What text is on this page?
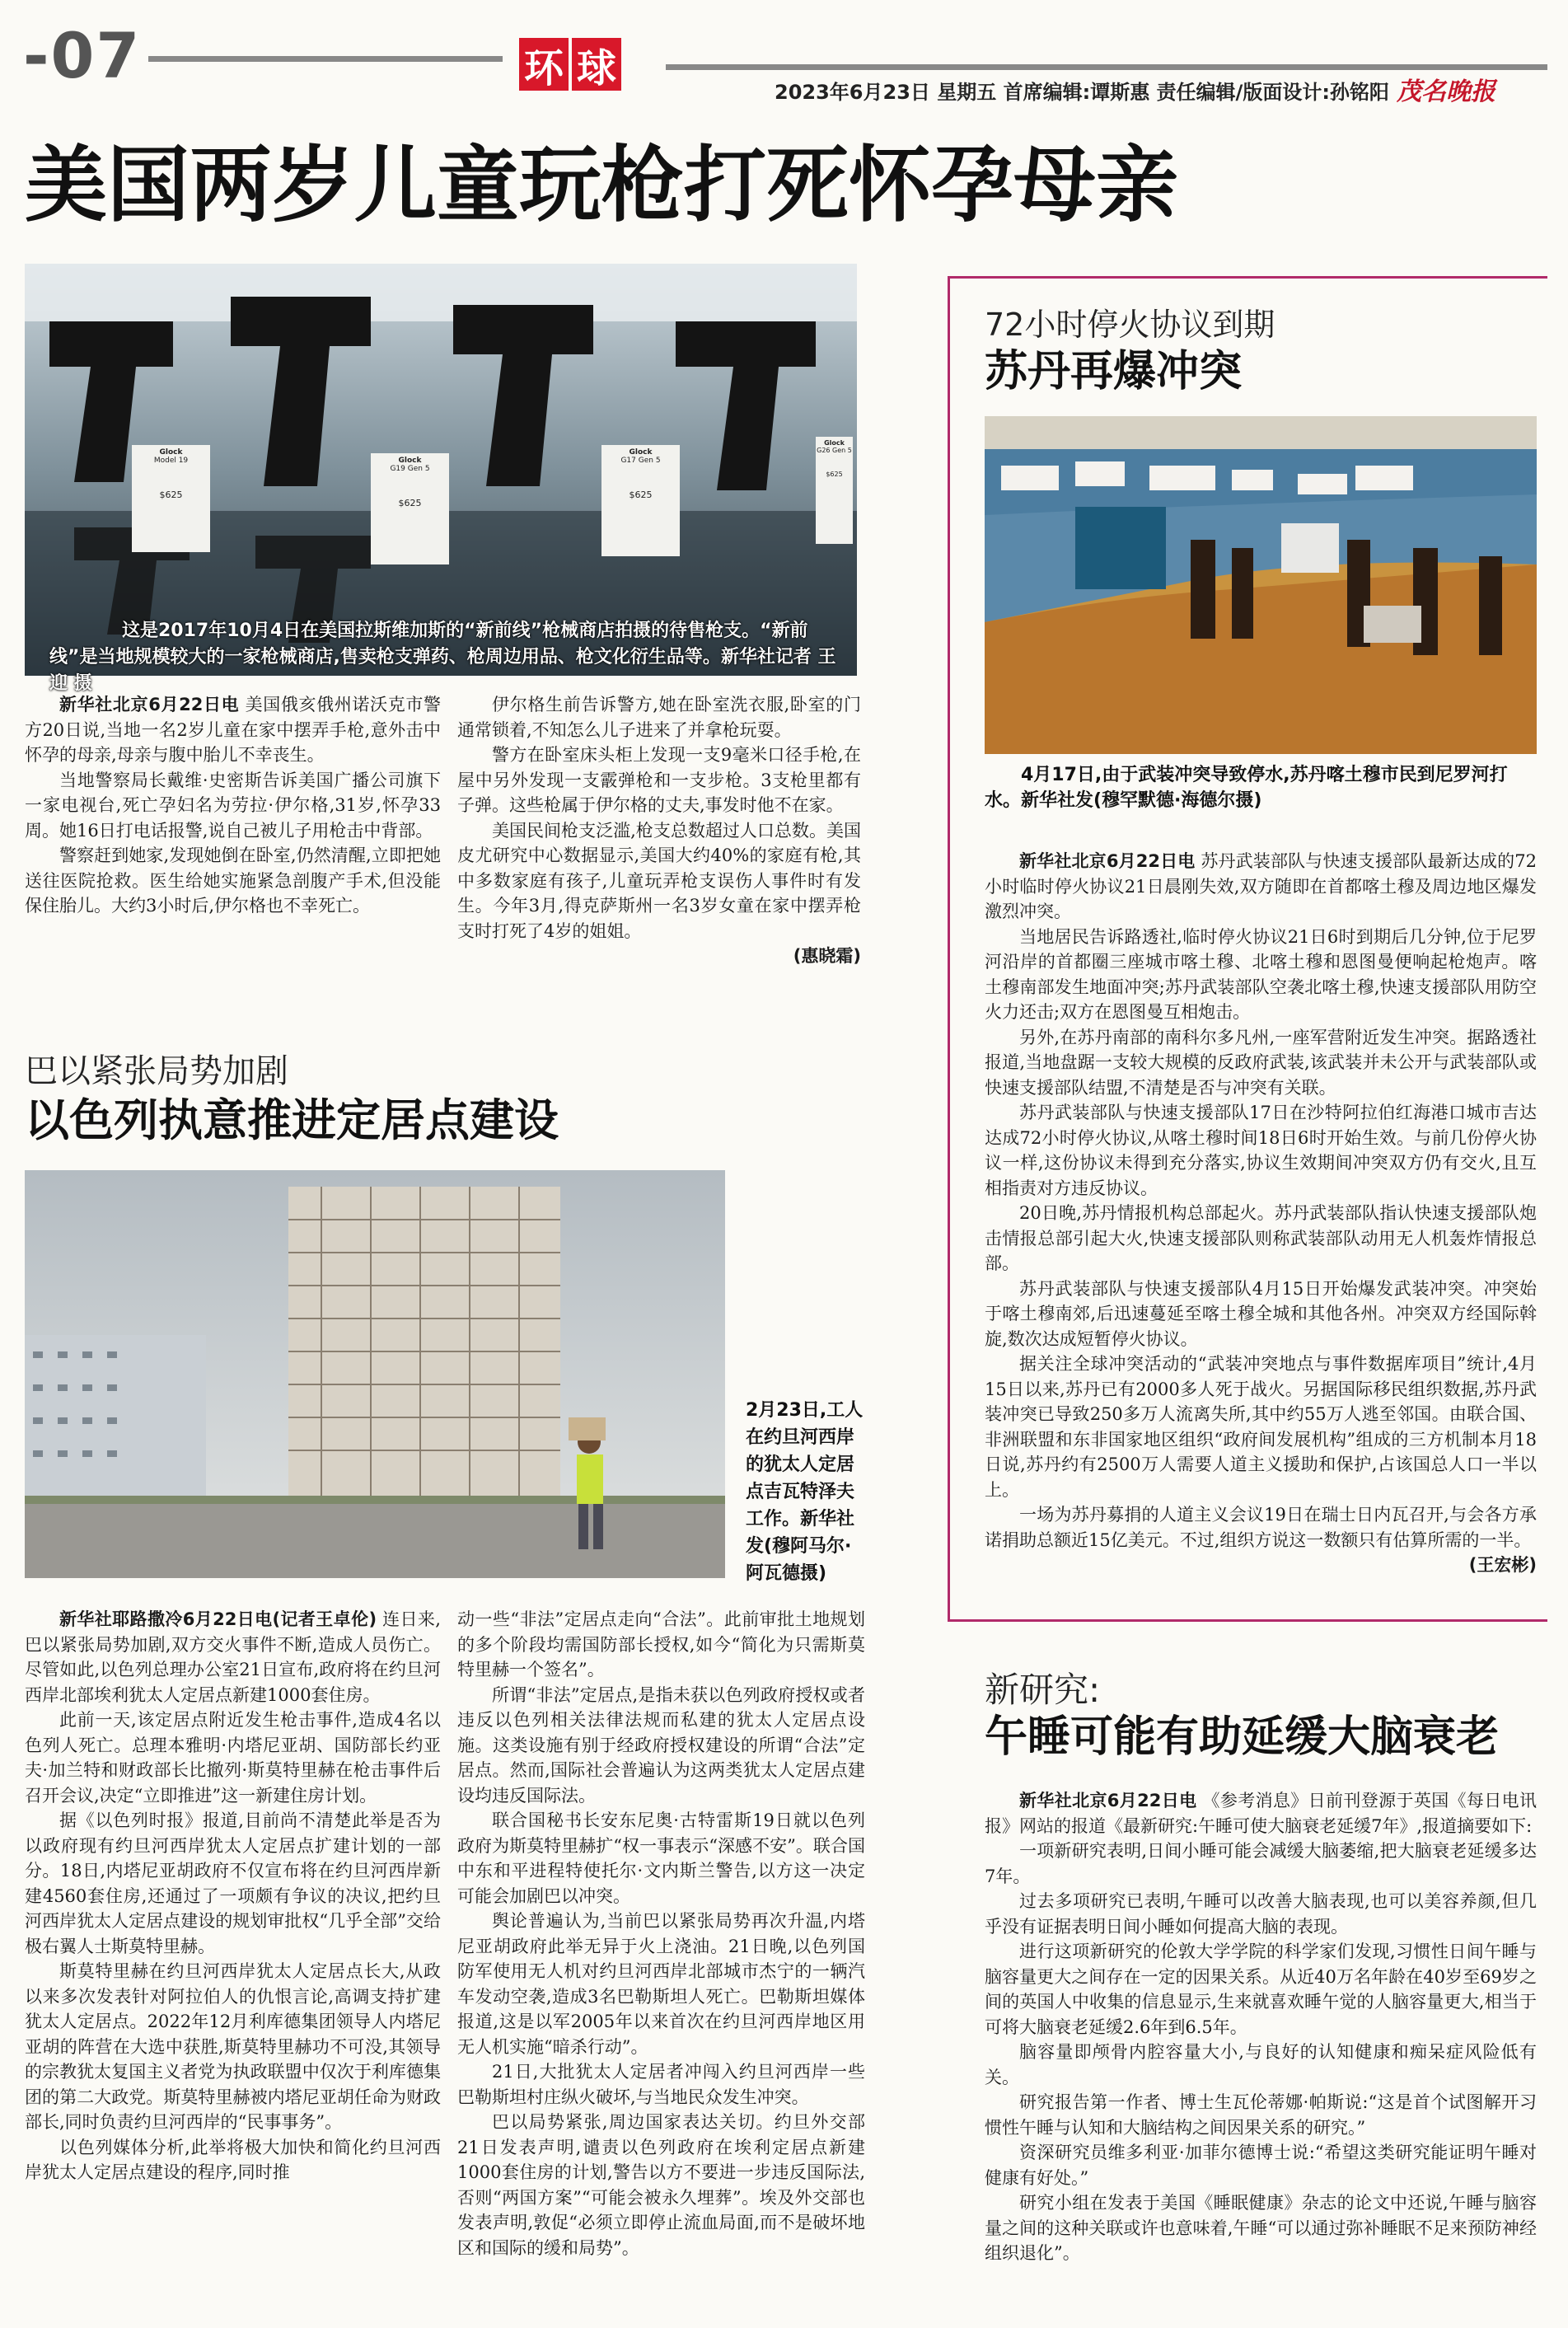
-07	环 球
2023年6月23日 星期五 首席编辑:谭斯惠 责任编辑/版面设计:孙铭阳 茂名晚报
美国两岁儿童玩枪打死怀孕母亲
Glock
Model 19
$625
Glock
G19 Gen 5
$625
Glock
G17 Gen 5
$625
Glock
G26 Gen 5
$625
这是2017年10月4日在美国拉斯维加斯的“新前线”枪械商店拍摄的待售枪支。“新前线”是当地规模较大的一家枪械商店,售卖枪支弹药、枪周边用品、枪文化衍生品等。新华社记者 王迎 摄

新华社北京6月22日电 美国俄亥俄州诺沃克市警方20日说,当地一名2岁儿童在家中摆弄手枪,意外击中怀孕的母亲,母亲与腹中胎儿不幸丧生。

当地警察局长戴维·史密斯告诉美国广播公司旗下一家电视台,死亡孕妇名为劳拉·伊尔格,31岁,怀孕33周。她16日打电话报警,说自己被儿子用枪击中背部。

警察赶到她家,发现她倒在卧室,仍然清醒,立即把她送往医院抢救。医生给她实施紧急剖腹产手术,但没能保住胎儿。大约3小时后,伊尔格也不幸死亡。

伊尔格生前告诉警方,她在卧室洗衣服,卧室的门通常锁着,不知怎么儿子进来了并拿枪玩耍。

警方在卧室床头柜上发现一支9毫米口径手枪,在屋中另外发现一支霰弹枪和一支步枪。3支枪里都有子弹。这些枪属于伊尔格的丈夫,事发时他不在家。

美国民间枪支泛滥,枪支总数超过人口总数。美国皮尤研究中心数据显示,美国大约40%的家庭有枪,其中多数家庭有孩子,儿童玩弄枪支误伤人事件时有发生。今年3月,得克萨斯州一名3岁女童在家中摆弄枪支时打死了4岁的姐姐。

(惠晓霜)

巴以紧张局势加剧
以色列执意推进定居点建设
2月23日,工人在约旦河西岸的犹太人定居点吉瓦特泽夫工作。新华社发(穆阿马尔·阿瓦德摄)

新华社耶路撒冷6月22日电(记者王卓伦) 连日来,巴以紧张局势加剧,双方交火事件不断,造成人员伤亡。尽管如此,以色列总理办公室21日宣布,政府将在约旦河西岸北部埃利犹太人定居点新建1000套住房。

此前一天,该定居点附近发生枪击事件,造成4名以色列人死亡。总理本雅明·内塔尼亚胡、国防部长约亚夫·加兰特和财政部长比撤列·斯莫特里赫在枪击事件后召开会议,决定“立即推进”这一新建住房计划。

据《以色列时报》报道,目前尚不清楚此举是否为以政府现有约旦河西岸犹太人定居点扩建计划的一部分。18日,内塔尼亚胡政府不仅宣布将在约旦河西岸新建4560套住房,还通过了一项颇有争议的决议,把约旦河西岸犹太人定居点建设的规划审批权“几乎全部”交给极右翼人士斯莫特里赫。

斯莫特里赫在约旦河西岸犹太人定居点长大,从政以来多次发表针对阿拉伯人的仇恨言论,高调支持扩建犹太人定居点。2022年12月利库德集团领导人内塔尼亚胡的阵营在大选中获胜,斯莫特里赫功不可没,其领导的宗教犹太复国主义者党为执政联盟中仅次于利库德集团的第二大政党。斯莫特里赫被内塔尼亚胡任命为财政部长,同时负责约旦河西岸的“民事事务”。

以色列媒体分析,此举将极大加快和简化约旦河西岸犹太人定居点建设的程序,同时推

动一些“非法”定居点走向“合法”。此前审批土地规划的多个阶段均需国防部长授权,如今“简化为只需斯莫特里赫一个签名”。

所谓“非法”定居点,是指未获以色列政府授权或者违反以色列相关法律法规而私建的犹太人定居点设施。这类设施有别于经政府授权建设的所谓“合法”定居点。然而,国际社会普遍认为这两类犹太人定居点建设均违反国际法。

联合国秘书长安东尼奥·古特雷斯19日就以色列政府为斯莫特里赫扩“权一事表示“深感不安”。联合国中东和平进程特使托尔·文内斯兰警告,以方这一决定可能会加剧巴以冲突。

舆论普遍认为,当前巴以紧张局势再次升温,内塔尼亚胡政府此举无异于火上浇油。21日晚,以色列国防军使用无人机对约旦河西岸北部城市杰宁的一辆汽车发动空袭,造成3名巴勒斯坦人死亡。巴勒斯坦媒体报道,这是以军2005年以来首次在约旦河西岸地区用无人机实施“暗杀行动”。

21日,大批犹太人定居者冲闯入约旦河西岸一些巴勒斯坦村庄纵火破坏,与当地民众发生冲突。

巴以局势紧张,周边国家表达关切。约旦外交部21日发表声明,谴责以色列政府在埃利定居点新建1000套住房的计划,警告以方不要进一步违反国际法,否则“两国方案”“可能会被永久埋葬”。埃及外交部也发表声明,敦促“必须立即停止流血局面,而不是破坏地区和国际的缓和局势”。

72小时停火协议到期
苏丹再爆冲突
4月17日,由于武装冲突导致停水,苏丹喀土穆市民到尼罗河打水。新华社发(穆罕默德·海德尔摄)

新华社北京6月22日电 苏丹武装部队与快速支援部队最新达成的72小时临时停火协议21日晨刚失效,双方随即在首都喀土穆及周边地区爆发激烈冲突。

当地居民告诉路透社,临时停火协议21日6时到期后几分钟,位于尼罗河沿岸的首都圈三座城市喀土穆、北喀土穆和恩图曼便响起枪炮声。喀土穆南部发生地面冲突;苏丹武装部队空袭北喀土穆,快速支援部队用防空火力还击;双方在恩图曼互相炮击。

另外,在苏丹南部的南科尔多凡州,一座军营附近发生冲突。据路透社报道,当地盘踞一支较大规模的反政府武装,该武装并未公开与武装部队或快速支援部队结盟,不清楚是否与冲突有关联。

苏丹武装部队与快速支援部队17日在沙特阿拉伯红海港口城市吉达达成72小时停火协议,从喀土穆时间18日6时开始生效。与前几份停火协议一样,这份协议未得到充分落实,协议生效期间冲突双方仍有交火,且互相指责对方违反协议。

20日晚,苏丹情报机构总部起火。苏丹武装部队指认快速支援部队炮击情报总部引起大火,快速支援部队则称武装部队动用无人机轰炸情报总部。

苏丹武装部队与快速支援部队4月15日开始爆发武装冲突。冲突始于喀土穆南郊,后迅速蔓延至喀土穆全城和其他各州。冲突双方经国际斡旋,数次达成短暂停火协议。

据关注全球冲突活动的“武装冲突地点与事件数据库项目”统计,4月15日以来,苏丹已有2000多人死于战火。另据国际移民组织数据,苏丹武装冲突已导致250多万人流离失所,其中约55万人逃至邻国。由联合国、非洲联盟和东非国家地区组织“政府间发展机构”组成的三方机制本月18日说,苏丹约有2500万人需要人道主义援助和保护,占该国总人口一半以上。

一场为苏丹募捐的人道主义会议19日在瑞士日内瓦召开,与会各方承诺捐助总额近15亿美元。不过,组织方说这一数额只有估算所需的一半。

(王宏彬)

新研究:
午睡可能有助延缓大脑衰老

新华社北京6月22日电 《参考消息》日前刊登源于英国《每日电讯报》网站的报道《最新研究:午睡可使大脑衰老延缓7年》,报道摘要如下:

一项新研究表明,日间小睡可能会减缓大脑萎缩,把大脑衰老延缓多达7年。

过去多项研究已表明,午睡可以改善大脑表现,也可以美容养颜,但几乎没有证据表明日间小睡如何提高大脑的表现。

进行这项新研究的伦敦大学学院的科学家们发现,习惯性日间午睡与脑容量更大之间存在一定的因果关系。从近40万名年龄在40岁至69岁之间的英国人中收集的信息显示,生来就喜欢睡午觉的人脑容量更大,相当于可将大脑衰老延缓2.6年到6.5年。

脑容量即颅骨内腔容量大小,与良好的认知健康和痴呆症风险低有关。

研究报告第一作者、博士生瓦伦蒂娜·帕斯说:“这是首个试图解开习惯性午睡与认知和大脑结构之间因果关系的研究。”

资深研究员维多利亚·加菲尔德博士说:“希望这类研究能证明午睡对健康有好处。”

研究小组在发表于美国《睡眠健康》杂志的论文中还说,午睡与脑容量之间的这种关联或许也意味着,午睡“可以通过弥补睡眠不足来预防神经组织退化”。
